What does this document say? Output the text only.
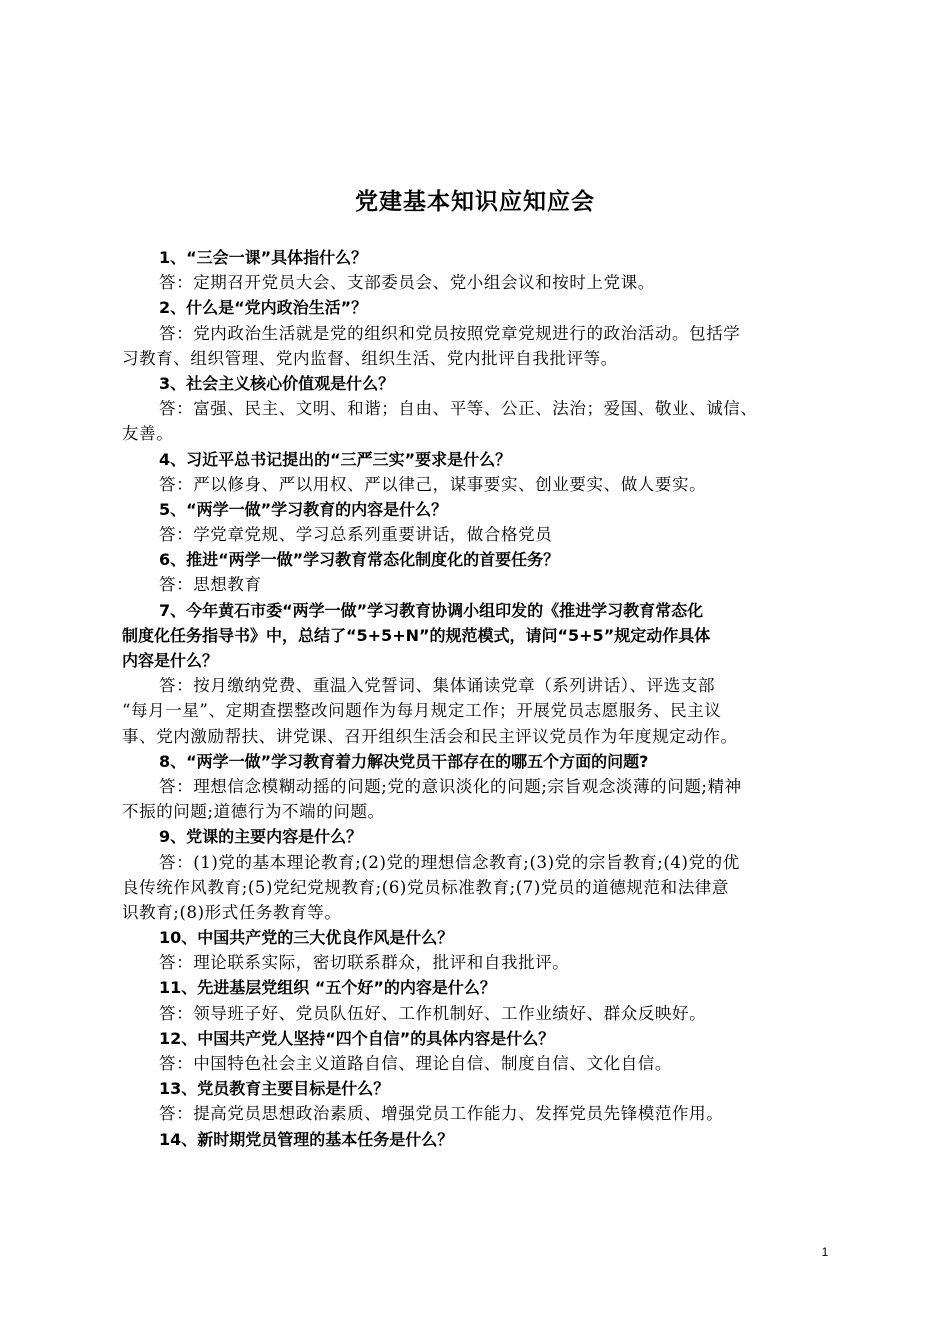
党建基本知识应知应会
1、“三会一课”具体指什么？
答：定期召开党员大会、支部委员会、党小组会议和按时上党课。
2、什么是“党内政治生活”？
答：党内政治生活就是党的组织和党员按照党章党规进行的政治活动。包括学
习教育、组织管理、党内监督、组织生活、党内批评自我批评等。
3、社会主义核心价值观是什么？
答：富强、民主、文明、和谐；自由、平等、公正、法治；爱国、敬业、诚信、
友善。
4、习近平总书记提出的“三严三实”要求是什么？
答：严以修身、严以用权、严以律己，谋事要实、创业要实、做人要实。
5、“两学一做”学习教育的内容是什么？
答：学党章党规、学习总系列重要讲话，做合格党员
6、推进“两学一做”学习教育常态化制度化的首要任务？
答：思想教育
7、今年黄石市委“两学一做”学习教育协调小组印发的《推进学习教育常态化
制度化任务指导书》中，总结了“5+5+N”的规范模式，请问“5+5”规定动作具体
内容是什么？
答：按月缴纳党费、重温入党誓词、集体诵读党章（系列讲话）、评选支部
“每月一星”、定期查摆整改问题作为每月规定工作；开展党员志愿服务、民主议
事、党内激励帮扶、讲党课、召开组织生活会和民主评议党员作为年度规定动作。
8、“两学一做”学习教育着力解决党员干部存在的哪五个方面的问题?
答：理想信念模糊动摇的问题;党的意识淡化的问题;宗旨观念淡薄的问题;精神
不振的问题;道德行为不端的问题。
9、党课的主要内容是什么？
答：(1)党的基本理论教育;(2)党的理想信念教育;(3)党的宗旨教育;(4)党的优
良传统作风教育;(5)党纪党规教育;(6)党员标准教育;(7)党员的道德规范和法律意
识教育;(8)形式任务教育等。
10、中国共产党的三大优良作风是什么？
答：理论联系实际，密切联系群众，批评和自我批评。
11、先进基层党组织 “五个好”的内容是什么？
答：领导班子好、党员队伍好、工作机制好、工作业绩好、群众反映好。
12、中国共产党人坚持“四个自信”的具体内容是什么？
答：中国特色社会主义道路自信、理论自信、制度自信、文化自信。
13、党员教育主要目标是什么？
答：提高党员思想政治素质、增强党员工作能力、发挥党员先锋模范作用。
14、新时期党员管理的基本任务是什么？
1
